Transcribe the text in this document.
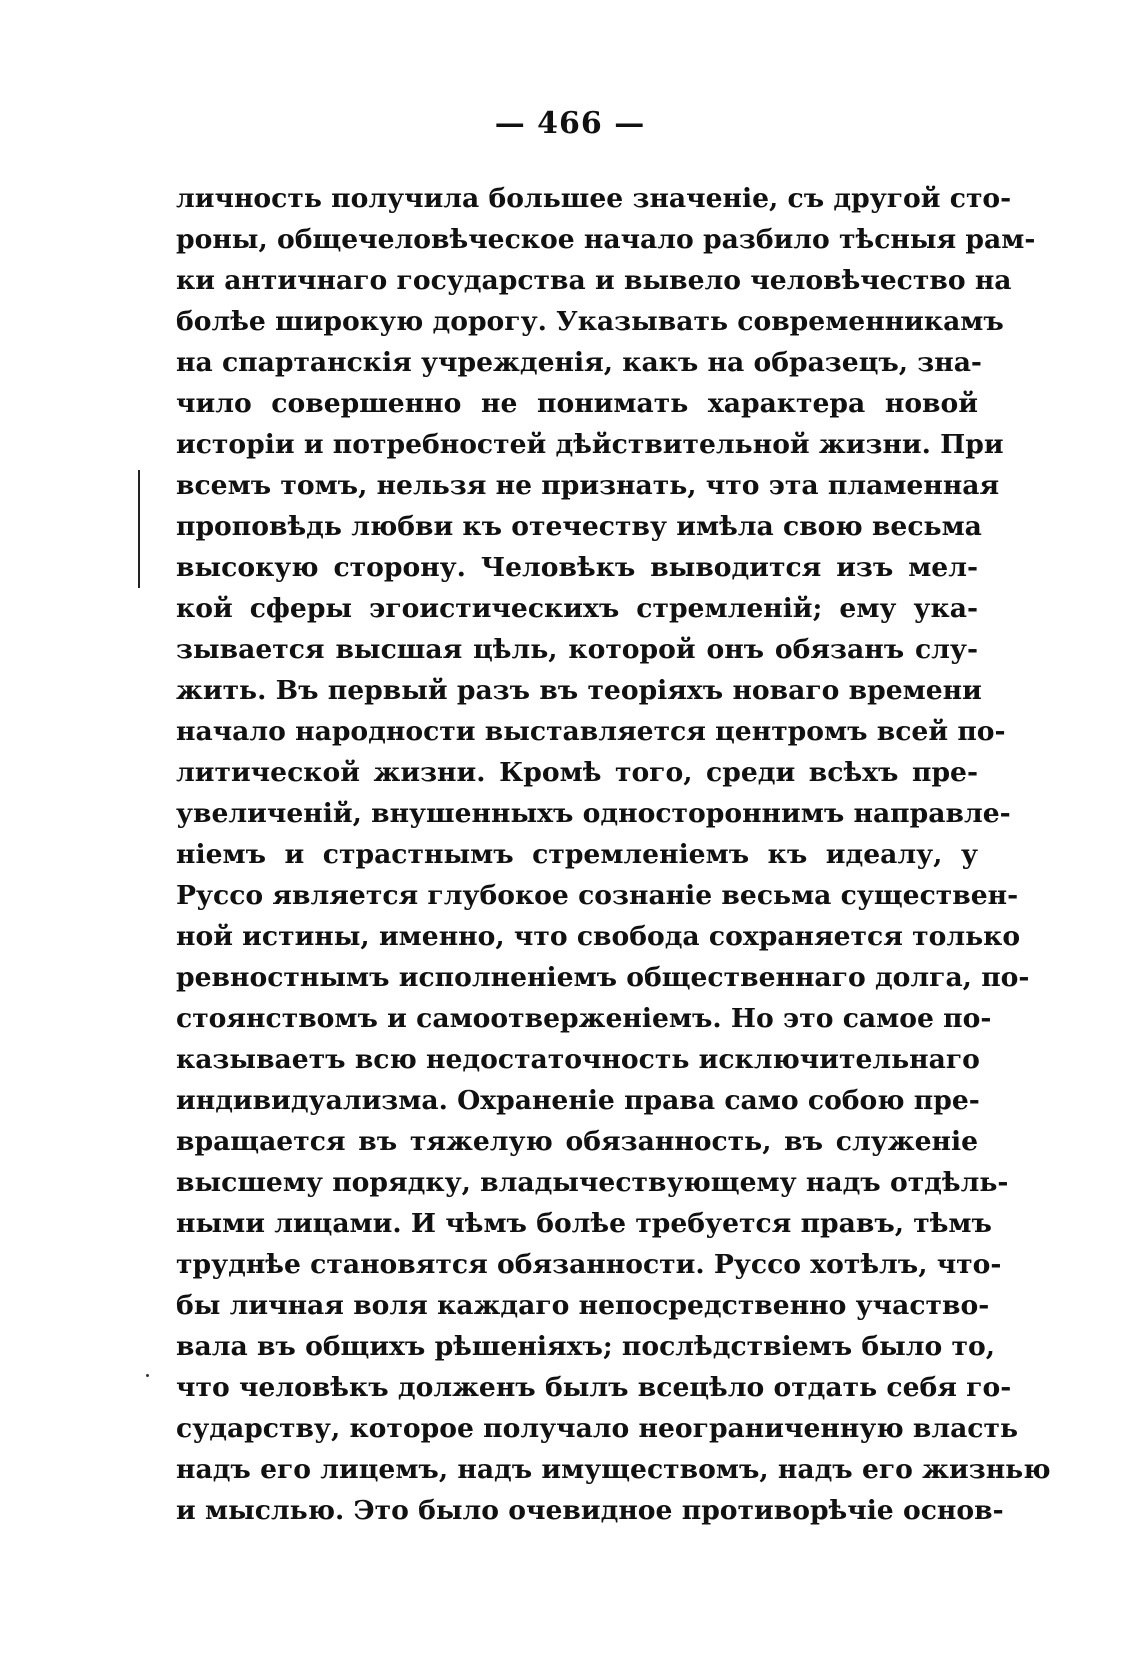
— 466 —
личность получила большее значеніе, съ другой сто-
роны, общечеловѣческое начало разбило тѣсныя рам-
ки античнаго государства и вывело человѣчество на
болѣе широкую дорогу. Указывать современникамъ
на спартанскія учрежденія, какъ на образецъ, зна-
чило совершенно не понимать характера новой
исторіи и потребностей дѣйствительной жизни. При
всемъ томъ, нельзя не признать, что эта пламенная
проповѣдь любви къ отечеству имѣла свою весьма
высокую сторону. Человѣкъ выводится изъ мел-
кой сферы эгоистическихъ стремленій; ему ука-
зывается высшая цѣль, которой онъ обязанъ слу-
жить. Въ первый разъ въ теоріяхъ новаго времени
начало народности выставляется центромъ всей по-
литической жизни. Кромѣ того, среди всѣхъ пре-
увеличеній, внушенныхъ одностороннимъ направле-
ніемъ и страстнымъ стремленіемъ къ идеалу, у
Руссо является глубокое сознаніе весьма существен-
ной истины, именно, что свобода сохраняется только
ревностнымъ исполненіемъ общественнаго долга, по-
стоянствомъ и самоотверженіемъ. Но это самое по-
казываетъ всю недостаточность исключительнаго
индивидуализма. Охраненіе права само собою пре-
вращается въ тяжелую обязанность, въ служеніе
высшему порядку, владычествующему надъ отдѣль-
ными лицами. И чѣмъ болѣе требуется правъ, тѣмъ
труднѣе становятся обязанности. Руссо хотѣлъ, что-
бы личная воля каждаго непосредственно участво-
вала въ общихъ рѣшеніяхъ; послѣдствіемъ было то,
что человѣкъ долженъ былъ всецѣло отдать себя го-
сударству, которое получало неограниченную власть
надъ его лицемъ, надъ имуществомъ, надъ его жизнью
и мыслью. Это было очевидное противорѣчіе основ-
